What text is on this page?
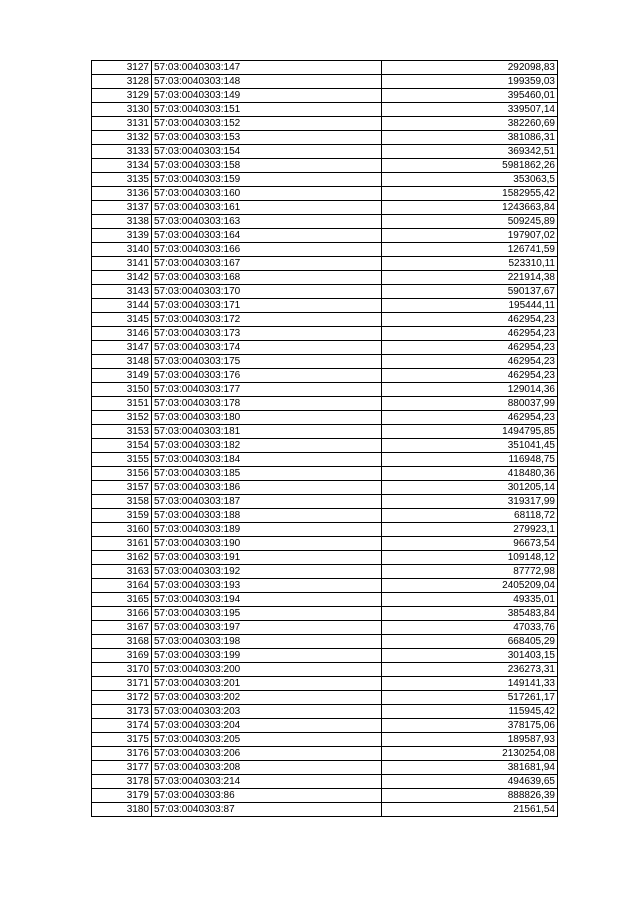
3127	57:03:0040303:147	292098,83
3128	57:03:0040303:148	199359,03
3129	57:03:0040303:149	395460,01
3130	57:03:0040303:151	339507,14
3131	57:03:0040303:152	382260,69
3132	57:03:0040303:153	381086,31
3133	57:03:0040303:154	369342,51
3134	57:03:0040303:158	5981862,26
3135	57:03:0040303:159	353063,5
3136	57:03:0040303:160	1582955,42
3137	57:03:0040303:161	1243663,84
3138	57:03:0040303:163	509245,89
3139	57:03:0040303:164	197907,02
3140	57:03:0040303:166	126741,59
3141	57:03:0040303:167	523310,11
3142	57:03:0040303:168	221914,38
3143	57:03:0040303:170	590137,67
3144	57:03:0040303:171	195444,11
3145	57:03:0040303:172	462954,23
3146	57:03:0040303:173	462954,23
3147	57:03:0040303:174	462954,23
3148	57:03:0040303:175	462954,23
3149	57:03:0040303:176	462954,23
3150	57:03:0040303:177	129014,36
3151	57:03:0040303:178	880037,99
3152	57:03:0040303:180	462954,23
3153	57:03:0040303:181	1494795,85
3154	57:03:0040303:182	351041,45
3155	57:03:0040303:184	116948,75
3156	57:03:0040303:185	418480,36
3157	57:03:0040303:186	301205,14
3158	57:03:0040303:187	319317,99
3159	57:03:0040303:188	68118,72
3160	57:03:0040303:189	279923,1
3161	57:03:0040303:190	96673,54
3162	57:03:0040303:191	109148,12
3163	57:03:0040303:192	87772,98
3164	57:03:0040303:193	2405209,04
3165	57:03:0040303:194	49335,01
3166	57:03:0040303:195	385483,84
3167	57:03:0040303:197	47033,76
3168	57:03:0040303:198	668405,29
3169	57:03:0040303:199	301403,15
3170	57:03:0040303:200	236273,31
3171	57:03:0040303:201	149141,33
3172	57:03:0040303:202	517261,17
3173	57:03:0040303:203	115945,42
3174	57:03:0040303:204	378175,06
3175	57:03:0040303:205	189587,93
3176	57:03:0040303:206	2130254,08
3177	57:03:0040303:208	381681,94
3178	57:03:0040303:214	494639,65
3179	57:03:0040303:86	888826,39
3180	57:03:0040303:87	21561,54
